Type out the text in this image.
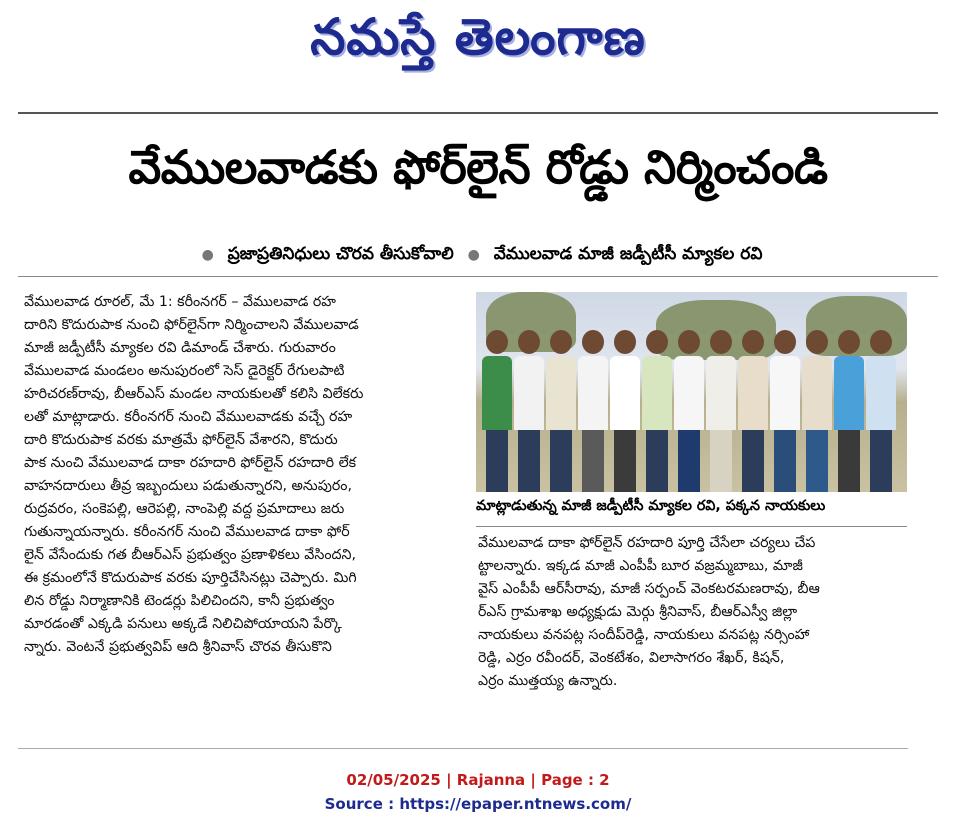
నమస్తే తెలంగాణ
వేములవాడకు ఫోర్‌లైన్ రోడ్డు నిర్మించండి
● ప్రజాప్రతినిధులు చొరవ తీసుకోవాలి ● వేములవాడ మాజీ జడ్పీటీసీ మ్యాకల రవి
వేములవాడ రూరల్, మే 1: కరీంనగర్ – వేములవాడ రహ
దారిని కొదురుపాక నుంచి ఫోర్‌లైన్‌గా నిర్మించాలని వేములవాడ
మాజీ జడ్పీటీసీ మ్యాకల రవి డిమాండ్ చేశారు. గురువారం
వేములవాడ మండలం అనుపురంలో సెస్ డైరెక్టర్ రేగులపాటి
హరిచరణ్‌రావు, బీఆర్‌ఎస్ మండల నాయకులతో కలిసి విలేకరు
లతో మాట్లాడారు. కరీంనగర్ నుంచి వేములవాడకు వచ్చే రహ
దారి కొదురుపాక వరకు మాత్రమే ఫోర్‌లైన్ వేశారని, కొదురు
పాక నుంచి వేములవాడ దాకా రహదారి ఫోర్‌లైన్ రహదారి లేక
వాహనదారులు తీవ్ర ఇబ్బందులు పడుతున్నారని, అనుపురం,
రుద్రవరం, సంకెపల్లి, ఆరెపల్లి, నాంపెల్లి వద్ద ప్రమాదాలు జరు
గుతున్నాయన్నారు. కరీంనగర్ నుంచి వేములవాడ దాకా ఫోర్
లైన్ వేసేందుకు గత బీఆర్‌ఎస్ ప్రభుత్వం ప్రణాళికలు వేసిందని,
ఈ క్రమంలోనే కొదురుపాక వరకు పూర్తిచేసినట్లు చెప్పారు. మిగి
లిన రోడ్డు నిర్మాణానికి టెండర్లు పిలిచిందని, కానీ ప్రభుత్వం
మారడంతో ఎక్కడి పనులు అక్కడే నిలిచిపోయాయని పేర్కొ
న్నారు. వెంటనే ప్రభుత్వవిప్ ఆది శ్రీనివాస్ చొరవ తీసుకొని
మాట్లాడుతున్న మాజీ జడ్పీటీసీ మ్యాకల రవి, పక్కన నాయకులు
వేములవాడ దాకా ఫోర్‌లైన్ రహదారి పూర్తి చేసేలా చర్యలు చేప
ట్టాలన్నారు. ఇక్కడ మాజీ ఎంపీపీ బూర వజ్రమ్మబాబు, మాజీ
వైస్ ఎంపీపీ ఆర్‌సీరావు, మాజీ సర్పంచ్ వెంకటరమణరావు, బీఆ
ర్‌ఎస్ గ్రామశాఖ అధ్యక్షుడు మెర్గు శ్రీనివాస్, బీఆర్‌ఎస్వీ జిల్లా
నాయకులు వనపట్ల సందీప్‌రెడ్డి, నాయకులు వనపట్ల నర్సింహా
రెడ్డి, ఎర్రం రవీందర్, వెంకటేశం, విలాసాగరం శేఖర్, కిషన్,
ఎర్రం ముత్తయ్య ఉన్నారు.
02/05/2025 | Rajanna | Page : 2
Source : https://epaper.ntnews.com/
